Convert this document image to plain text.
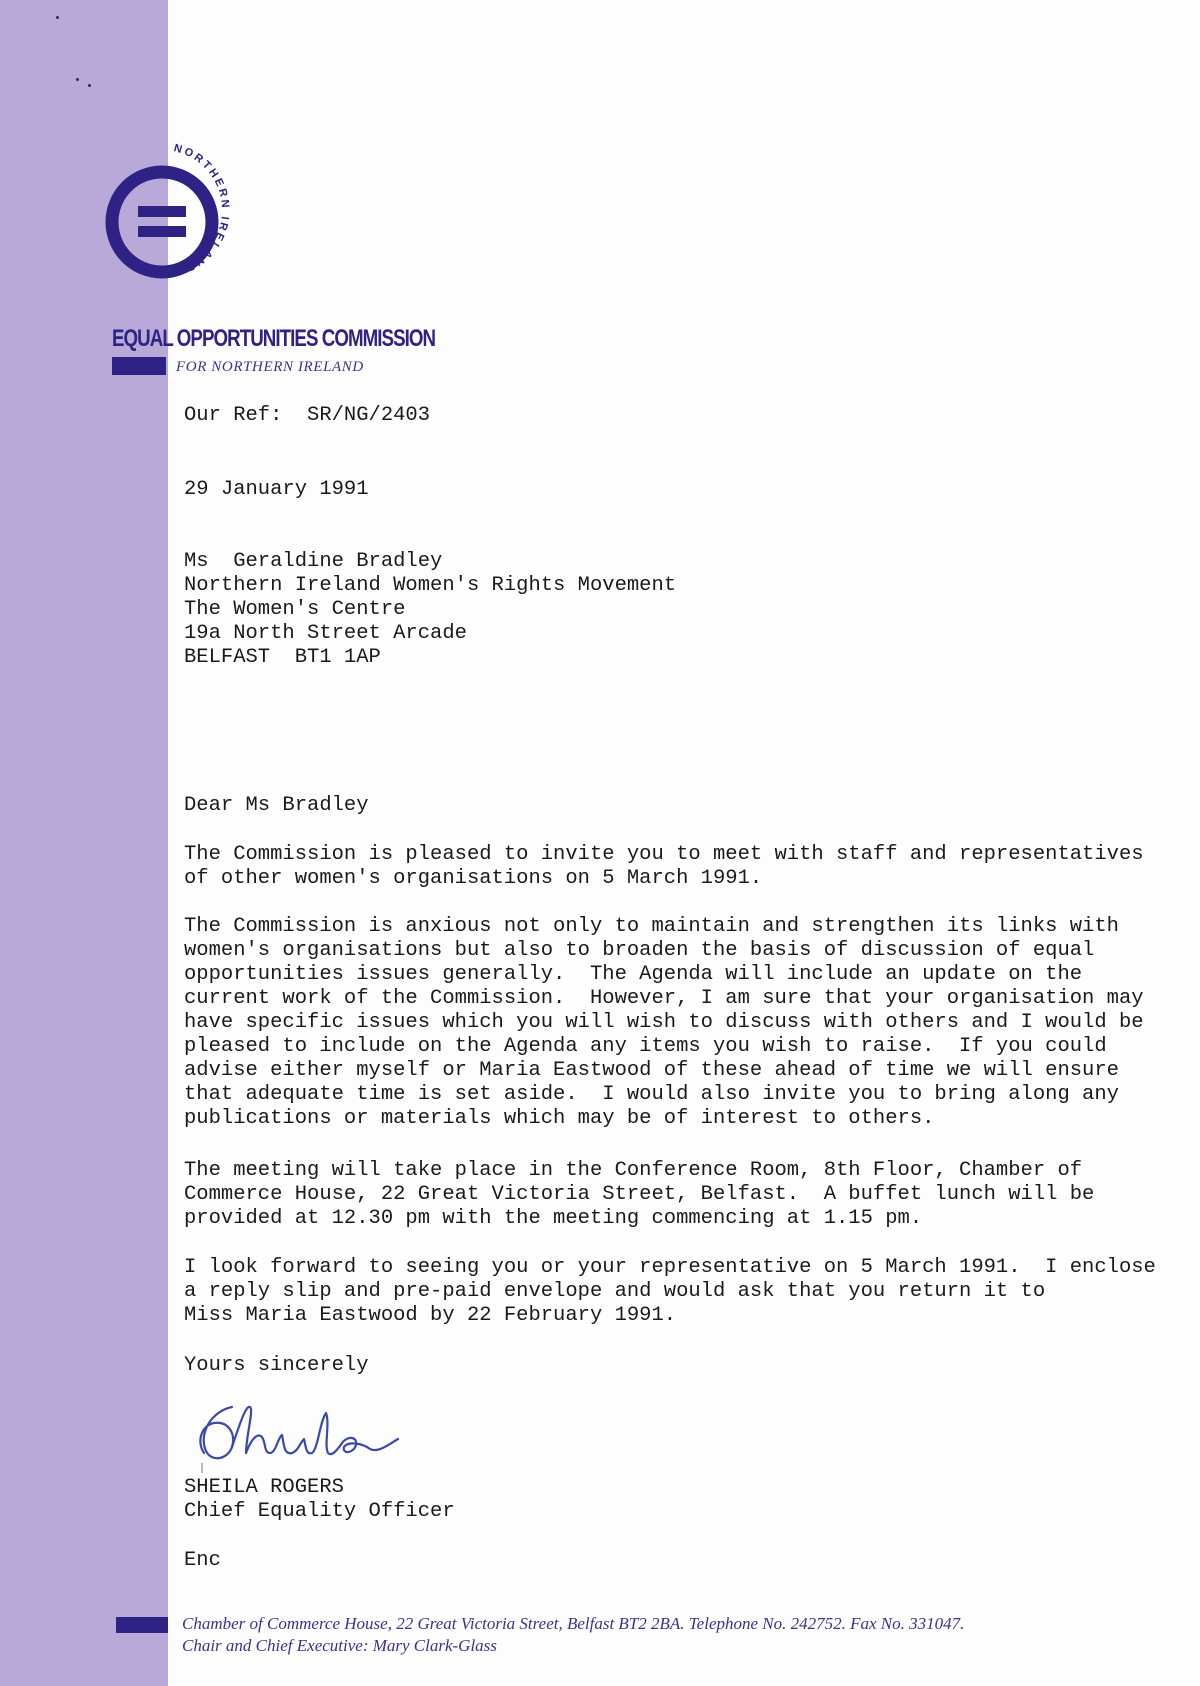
NORTHERN IRELAND
EQUAL OPPORTUNITIES COMMISSION
FOR NORTHERN IRELAND

Our Ref:  SR/NG/2403

29 January 1991

Ms  Geraldine Bradley

Northern Ireland Women's Rights Movement

The Women's Centre

19a North Street Arcade

BELFAST  BT1 1AP

Dear Ms Bradley

The Commission is pleased to invite you to meet with staff and representatives

of other women's organisations on 5 March 1991.

The Commission is anxious not only to maintain and strengthen its links with

women's organisations but also to broaden the basis of discussion of equal

opportunities issues generally.  The Agenda will include an update on the

current work of the Commission.  However, I am sure that your organisation may

have specific issues which you will wish to discuss with others and I would be

pleased to include on the Agenda any items you wish to raise.  If you could

advise either myself or Maria Eastwood of these ahead of time we will ensure

that adequate time is set aside.  I would also invite you to bring along any

publications or materials which may be of interest to others.

The meeting will take place in the Conference Room, 8th Floor, Chamber of

Commerce House, 22 Great Victoria Street, Belfast.  A buffet lunch will be

provided at 12.30 pm with the meeting commencing at 1.15 pm.

I look forward to seeing you or your representative on 5 March 1991.  I enclose

a reply slip and pre-paid envelope and would ask that you return it to

Miss Maria Eastwood by 22 February 1991.

Yours sincerely

SHEILA ROGERS

Chief Equality Officer

Enc

Chamber of Commerce House, 22 Great Victoria Street, Belfast BT2 2BA. Telephone No. 242752. Fax No. 331047.
Chair and Chief Executive: Mary Clark-Glass
